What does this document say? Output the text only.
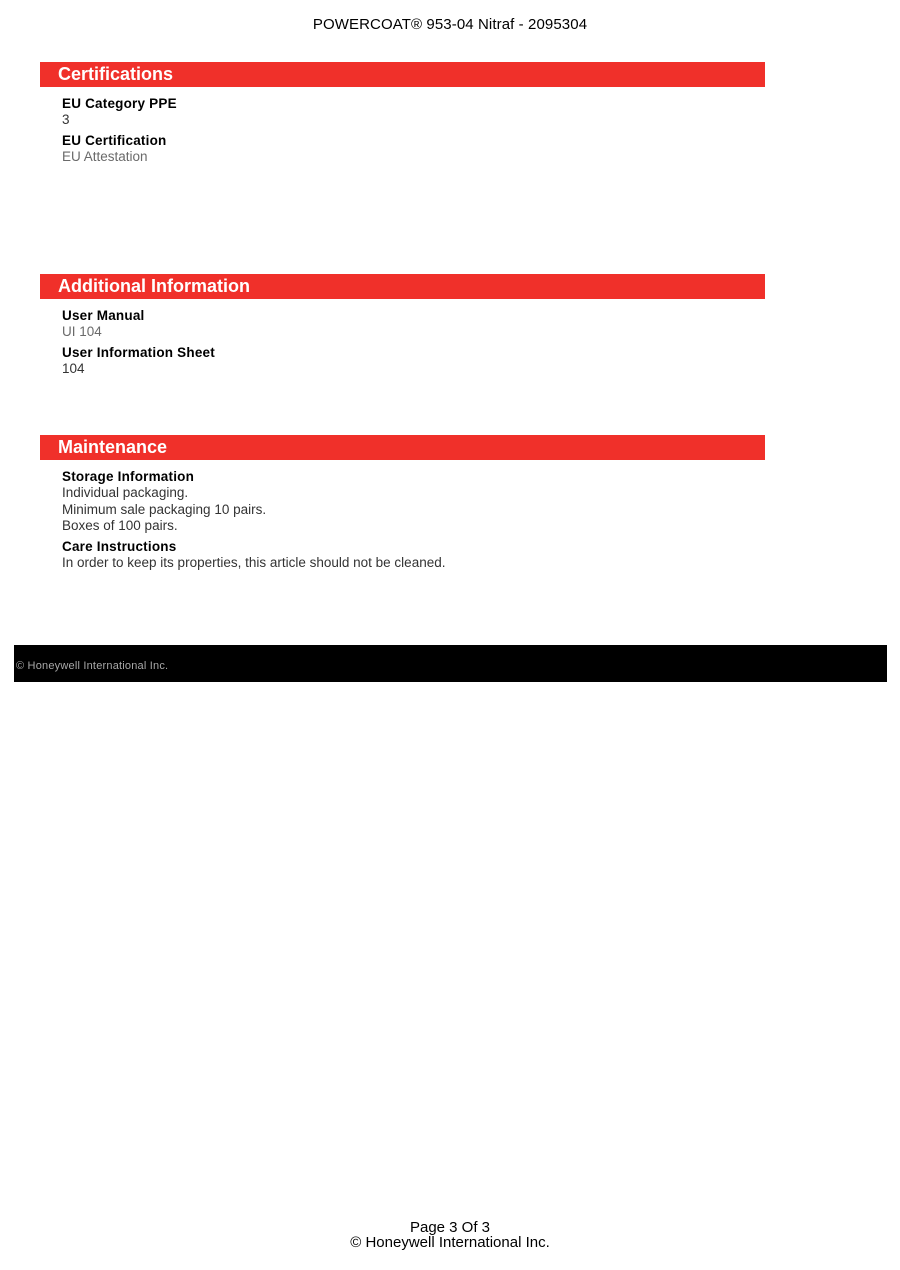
POWERCOAT® 953-04 Nitraf - 2095304
Certifications
EU Category PPE
3
EU Certification
EU Attestation
Additional Information
User Manual
UI 104
User Information Sheet
104
Maintenance
Storage Information
Individual packaging.
Minimum sale packaging 10 pairs.
Boxes of 100 pairs.
Care Instructions
In order to keep its properties, this article should not be cleaned.
© Honeywell International Inc.
Page 3 Of 3
© Honeywell International Inc.
